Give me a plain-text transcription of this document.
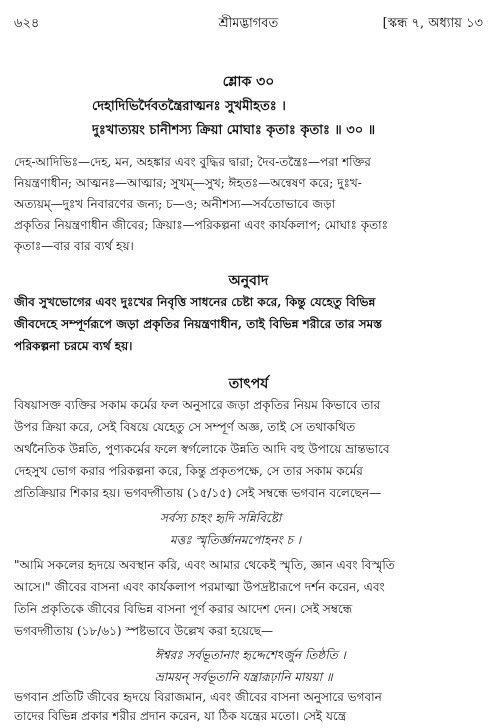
৬২৪	শ্রীমদ্ভাগবত	[স্কন্ধ ৭, অধ্যায় ১৩
শ্লোক ৩০
দেহাদিভির্দৈবতন্ত্রৈরাত্মনঃ সুখমীহতঃ ।
দুঃখাত্যয়ং চানীশস্য ক্রিয়া মোঘাঃ কৃতাঃ কৃতাঃ ॥ ৩০ ॥
দেহ-আদিভিঃ—দেহ, মন, অহঙ্কার এবং বুদ্ধির দ্বারা; দৈব-তন্ত্রৈঃ—পরা শক্তির
নিয়ন্ত্রণাধীন; আত্মনঃ—আত্মার; সুখম্—সুখ; ঈহতঃ—অন্বেষণ করে; দুঃখ-
অত্যয়ম্—দুঃখ নিবারণের জন্য; চ—ও; অনীশস্য—সর্বতোভাবে জড়া
প্রকৃতির নিয়ন্ত্রণাধীন জীবের; ক্রিয়াঃ—পরিকল্পনা এবং কার্যকলাপ; মোঘাঃ কৃতাঃ
কৃতাঃ—বার বার ব্যর্থ হয়।
অনুবাদ
জীব সুখভোগের এবং দুঃখের নিবৃত্তি সাধনের চেষ্টা করে, কিন্তু যেহেতু বিভিন্ন
জীবদেহে সম্পূর্ণরূপে জড়া প্রকৃতির নিয়ন্ত্রণাধীন, তাই বিভিন্ন শরীরে তার সমস্ত
পরিকল্পনা চরমে ব্যর্থ হয়।
তাৎপর্য
বিষয়াসক্ত ব্যক্তির সকাম কর্মের ফল অনুসারে জড়া প্রকৃতির নিয়ম কিভাবে তার
উপর ক্রিয়া করে, সেই বিষয়ে যেহেতু সে সম্পূর্ণ অজ্ঞ, তাই সে তথাকথিত
অর্থনৈতিক উন্নতি, পুণ্যকর্মের ফলে স্বর্গলোকে উন্নতি আদি বহু উপায়ে ভ্রান্তভাবে
দেহসুখ ভোগ করার পরিকল্পনা করে, কিন্তু প্রকৃতপক্ষে, সে তার সকাম কর্মের
প্রতিক্রিয়ার শিকার হয়। ভগবদ্গীতায় (১৫/১৫) সেই সম্বন্ধে ভগবান বলেছেন—
সর্বস্য চাহং হৃদি সন্নিবিষ্টো
মত্তঃ স্মৃতির্জ্ঞানমপোহনং চ ।
"আমি সকলের হৃদয়ে অবস্থান করি, এবং আমার থেকেই স্মৃতি, জ্ঞান এবং বিস্মৃতি
আসে।" জীবের বাসনা এবং কার্যকলাপ পরমাত্মা উপদ্রষ্টারূপে দর্শন করেন, এবং
তিনি প্রকৃতিকে জীবের বিভিন্ন বাসনা পূর্ণ করার আদেশ দেন। সেই সম্বন্ধে
ভগবদ্গীতায় (১৮/৬১) স্পষ্টভাবে উল্লেখ করা হয়েছে—
ঈশ্বরঃ সর্বভূতানাং হৃদ্দেশেঽর্জুন তিষ্ঠতি ।
ভ্রাময়ন্ সর্বভূতানি যন্ত্রারূঢ়ানি মায়য়া ॥
ভগবান প্রতিটি জীবের হৃদয়ে বিরাজমান, এবং জীবের বাসনা অনুসারে ভগবান
তাদের বিভিন্ন প্রকার শরীর প্রদান করেন, যা ঠিক যন্ত্রের মতো। সেই যন্ত্রে
